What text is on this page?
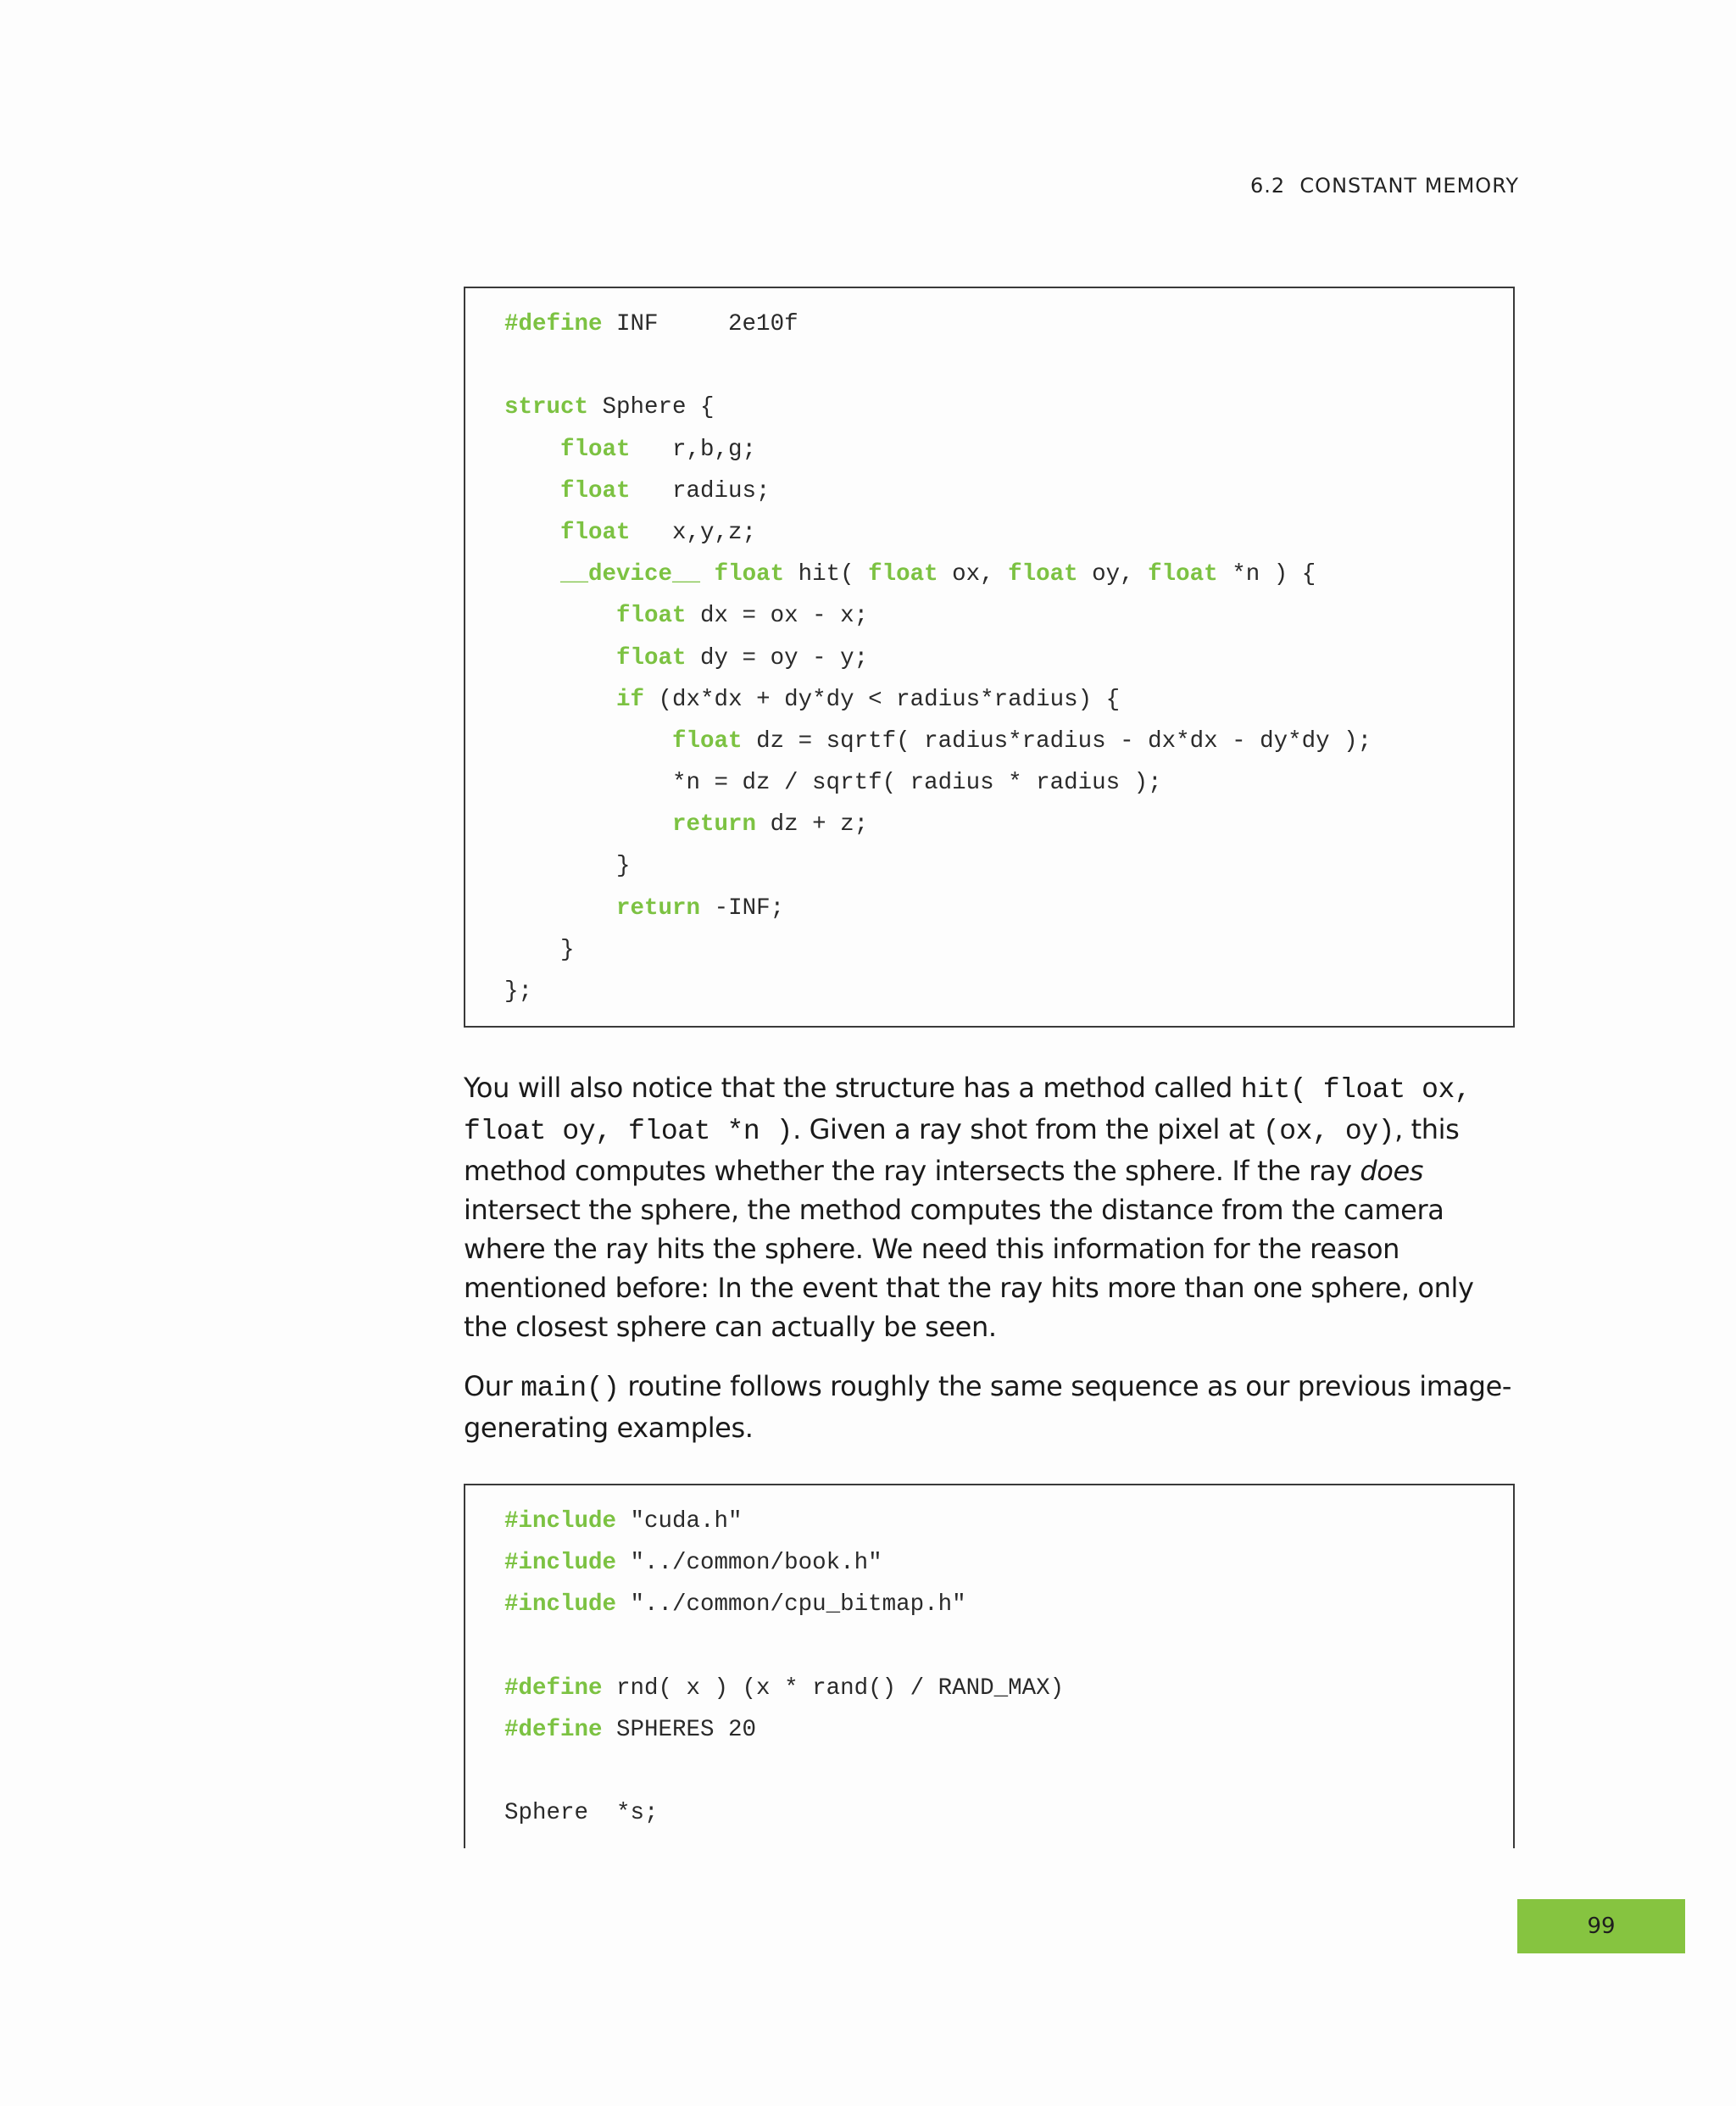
6.2  CONSTANT MEMORY
#define INF     2e10f

struct Sphere {
float   r,b,g;
float   radius;
float   x,y,z;
__device__ float hit( float ox, float oy, float *n ) {
float dx = ox - x;
float dy = oy - y;
if (dx*dx + dy*dy < radius*radius) {
float dz = sqrtf( radius*radius - dx*dx - dy*dy );
*n = dz / sqrtf( radius * radius );
return dz + z;
}
return -INF;
}
};

You will also notice that the structure has a method called hit( float ox, float oy, float *n ). Given a ray shot from the pixel at (ox, oy), this method computes whether the ray intersects the sphere. If the ray does intersect the sphere, the method computes the distance from the camera where the ray hits the sphere. We need this information for the reason mentioned before: In the event that the ray hits more than one sphere, only the closest sphere can actually be seen.

Our main() routine follows roughly the same sequence as our previous image-generating examples.

#include "cuda.h"
#include "../common/book.h"
#include "../common/cpu_bitmap.h"

#define rnd( x ) (x * rand() / RAND_MAX)
#define SPHERES 20

Sphere  *s;
99
